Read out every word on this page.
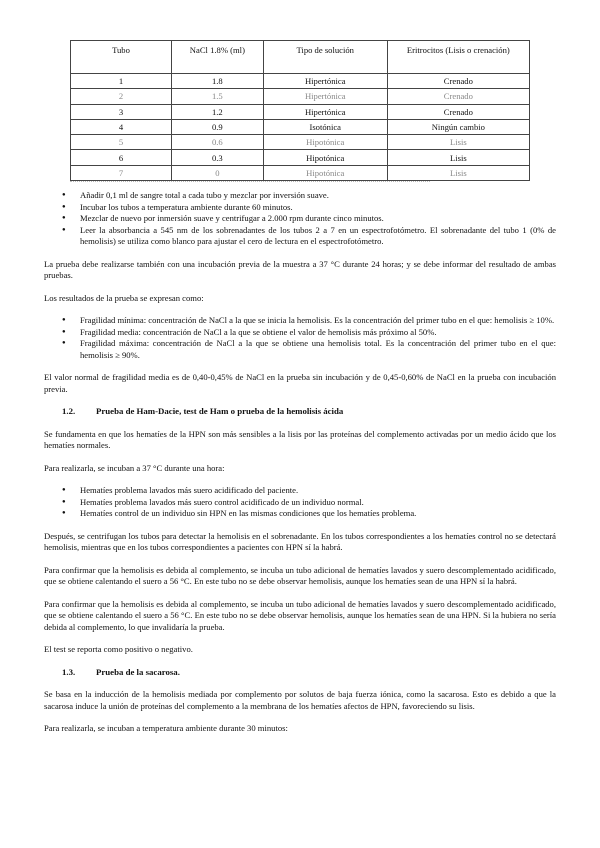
Tubo	NaCl 1.8% (ml)	Tipo de solución	Eritrocitos (Lisis o crenación)
1	1.8	Hipertónica	Crenado
2	1.5	Hipertónica	Crenado
3	1.2	Hipertónica	Crenado
4	0.9	Isotónica	Ningún cambio
5	0.6	Hipotónica	Lisis
6	0.3	Hipotónica	Lisis
7	0	Hipotónica	Lisis
● Añadir 0,1 ml de sangre total a cada tubo y mezclar por inversión suave.
● Incubar los tubos a temperatura ambiente durante 60 minutos.
● Mezclar de nuevo por inmersión suave y centrifugar a 2.000 rpm durante cinco minutos.
● Leer la absorbancia a 545 nm de los sobrenadantes de los tubos 2 a 7 en un espectrofotómetro. El sobrenadante del tubo 1 (0% de hemolisis) se utiliza como blanco para ajustar el cero de lectura en el espectrofotómetro.

La prueba debe realizarse también con una incubación previa de la muestra a 37 °C durante 24 horas; y se debe informar del resultado de ambas pruebas.

Los resultados de la prueba se expresan como:

● Fragilidad mínima: concentración de NaCl a la que se inicia la hemolisis. Es la concentración del primer tubo en el que: hemolisis ≥ 10%.
● Fragilidad media: concentración de NaCl a la que se obtiene el valor de hemolisis más próximo al 50%.
● Fragilidad máxima: concentración de NaCl a la que se obtiene una hemolisis total. Es la concentración del primer tubo en el que: hemolisis ≥ 90%.

El valor normal de fragilidad media es de 0,40-0,45% de NaCl en la prueba sin incubación y de 0,45-0,60% de NaCl en la prueba con incubación previa.

1.2. Prueba de Ham-Dacie, test de Ham o prueba de la hemolisis ácida

Se fundamenta en que los hematíes de la HPN son más sensibles a la lisis por las proteínas del complemento activadas por un medio ácido que los hematíes normales.

Para realizarla, se incuban a 37 °C durante una hora:

● Hematíes problema lavados más suero acidificado del paciente.
● Hematíes problema lavados más suero control acidificado de un individuo normal.
● Hematíes control de un individuo sin HPN en las mismas condiciones que los hematíes problema.

Después, se centrifugan los tubos para detectar la hemolisis en el sobrenadante. En los tubos correspondientes a los hematíes control no se detectará hemolisis, mientras que en los tubos correspondientes a pacientes con HPN sí la habrá.

Para confirmar que la hemolisis es debida al complemento, se incuba un tubo adicional de hematíes lavados y suero descomplementado acidificado, que se obtiene calentando el suero a 56 °C. En este tubo no se debe observar hemolisis, aunque los hematíes sean de una HPN sí la habrá.

Para confirmar que la hemolisis es debida al complemento, se incuba un tubo adicional de hematíes lavados y suero descomplementado acidificado, que se obtiene calentando el suero a 56 °C. En este tubo no se debe observar hemolisis, aunque los hematíes sean de una HPN. Si la hubiera no sería debida al complemento, lo que invalidaría la prueba.

El test se reporta como positivo o negativo.

1.3. Prueba de la sacarosa.

Se basa en la inducción de la hemolisis mediada por complemento por solutos de baja fuerza iónica, como la sacarosa. Esto es debido a que la sacarosa induce la unión de proteínas del complemento a la membrana de los hematíes afectos de HPN, favoreciendo su lisis.

Para realizarla, se incuban a temperatura ambiente durante 30 minutos:
